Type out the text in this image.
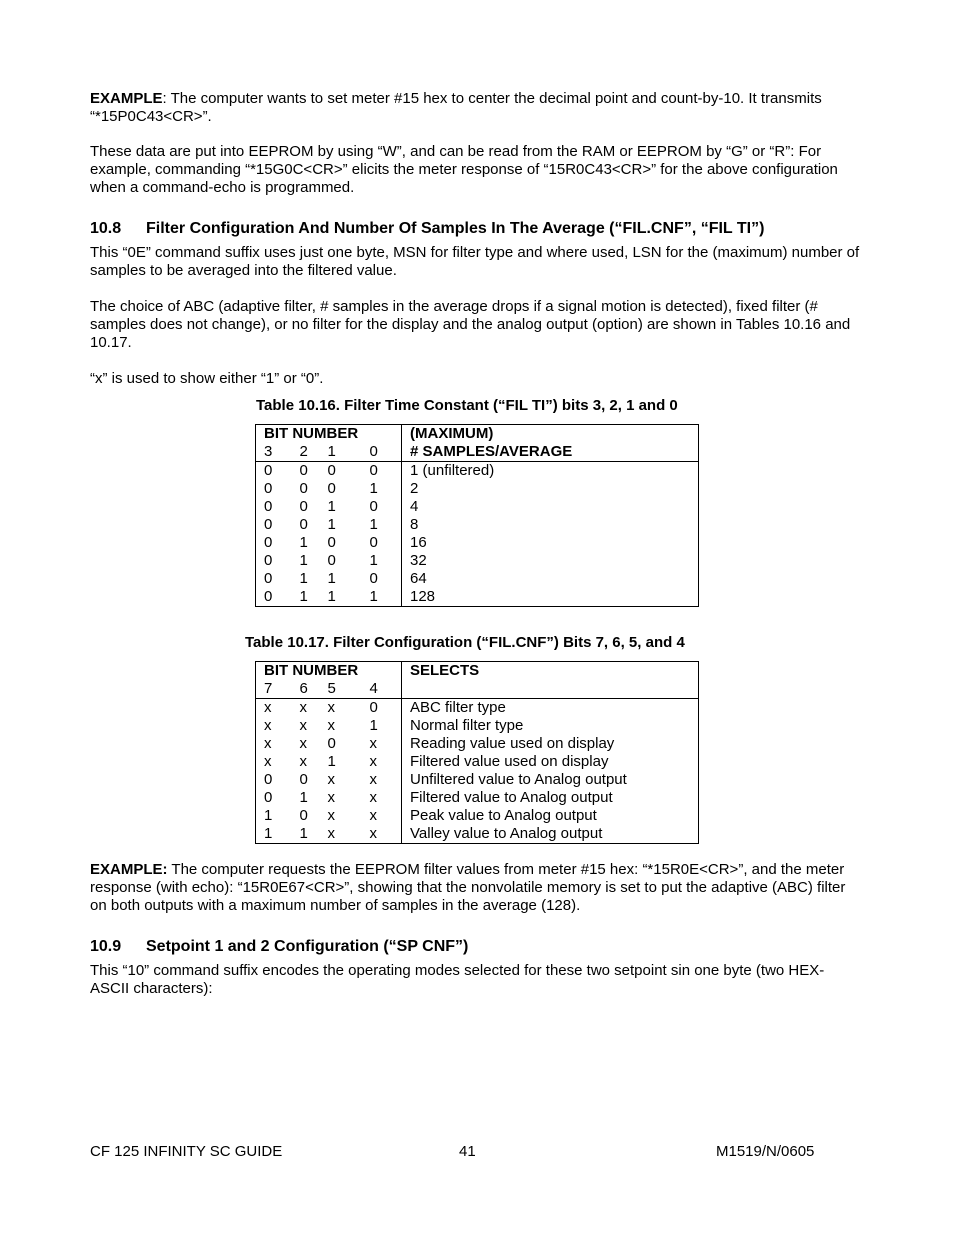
EXAMPLE: The computer wants to set meter #15 hex to center the decimal point and count-by-10. It transmits “*15P0C43<CR>”.

These data are put into EEPROM by using “W”, and can be read from the RAM or EEPROM by “G” or “R”: For example, commanding “*15G0C<CR>” elicits the meter response of “15R0C43<CR>” for the above configuration when a command-echo is programmed.

10.8 Filter Configuration And Number Of Samples In The Average (“FIL.CNF”, “FIL TI”)

This “0E” command suffix uses just one byte, MSN for filter type and where used, LSN for the (maximum) number of samples to be averaged into the filtered value.

The choice of ABC (adaptive filter, # samples in the average drops if a signal motion is detected), fixed filter (# samples does not change), or no filter for the display and the analog output (option) are shown in Tables 10.16 and 10.17.

“x” is used to show either “1” or “0”.

Table 10.16. Filter Time Constant (“FIL TI”) bits 3, 2, 1 and 0
BIT NUMBER				(MAXIMUM)
3	2	1	0	# SAMPLES/AVERAGE
0	0	0	0	1 (unfiltered)
0	0	0	1	2
0	0	1	0	4
0	0	1	1	8
0	1	0	0	16
0	1	0	1	32
0	1	1	0	64
0	1	1	1	128
Table 10.17. Filter Configuration (“FIL.CNF”) Bits 7, 6, 5, and 4
BIT NUMBER				SELECTS
7	6	5	4	
x	x	x	0	ABC filter type
x	x	x	1	Normal filter type
x	x	0	x	Reading value used on display
x	x	1	x	Filtered value used on display
0	0	x	x	Unfiltered value to Analog output
0	1	x	x	Filtered value to Analog output
1	0	x	x	Peak value to Analog output
1	1	x	x	Valley value to Analog output

EXAMPLE: The computer requests the EEPROM filter values from meter #15 hex: “*15R0E<CR>”, and the meter response (with echo): “15R0E67<CR>”, showing that the nonvolatile memory is set to put the adaptive (ABC) filter on both outputs with a maximum number of samples in the average (128).

10.9 Setpoint 1 and 2 Configuration (“SP CNF”)

This “10” command suffix encodes the operating modes selected for these two setpoint sin one byte (two HEX-ASCII characters):

CF 125 INFINITY SC GUIDE	41	M1519/N/0605
